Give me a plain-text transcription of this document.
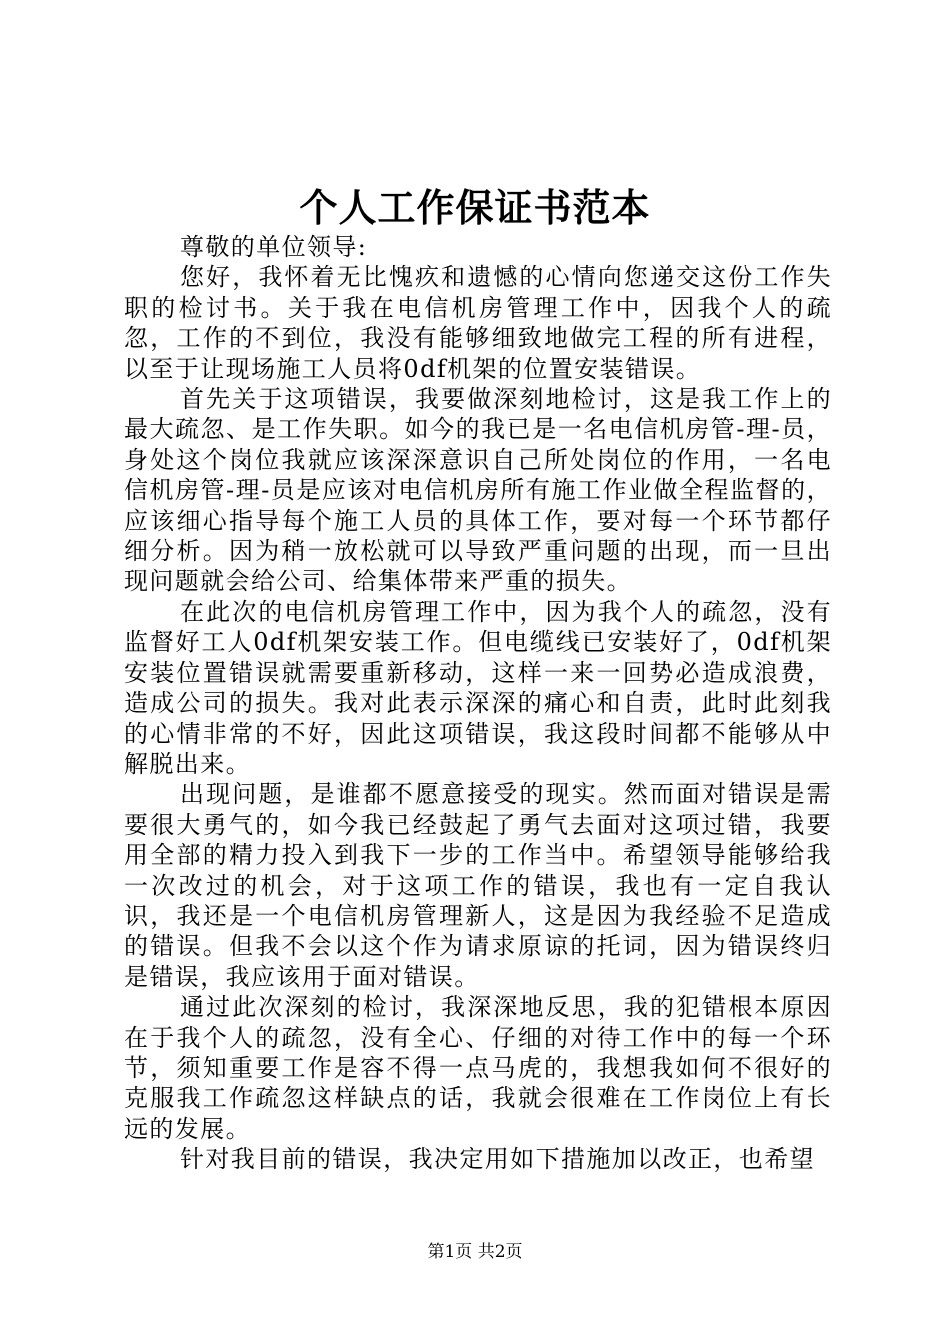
个人工作保证书范本

尊敬的单位领导:

您好，我怀着无比愧疚和遗憾的心情向您递交这份工作失职的检讨书。关于我在电信机房管理工作中，因我个人的疏忽，工作的不到位，我没有能够细致地做完工程的所有进程，以至于让现场施工人员将0df机架的位置安装错误。

首先关于这项错误，我要做深刻地检讨，这是我工作上的最大疏忽、是工作失职。如今的我已是一名电信机房管-理-员，身处这个岗位我就应该深深意识自己所处岗位的作用，一名电信机房管-理-员是应该对电信机房所有施工作业做全程监督的，应该细心指导每个施工人员的具体工作，要对每一个环节都仔细分析。因为稍一放松就可以导致严重问题的出现，而一旦出现问题就会给公司、给集体带来严重的损失。

在此次的电信机房管理工作中，因为我个人的疏忽，没有监督好工人0df机架安装工作。但电缆线已安装好了，0df机架安装位置错误就需要重新移动，这样一来一回势必造成浪费，造成公司的损失。我对此表示深深的痛心和自责，此时此刻我的心情非常的不好，因此这项错误，我这段时间都不能够从中解脱出来。

出现问题，是谁都不愿意接受的现实。然而面对错误是需要很大勇气的，如今我已经鼓起了勇气去面对这项过错，我要用全部的精力投入到我下一步的工作当中。希望领导能够给我一次改过的机会，对于这项工作的错误，我也有一定自我认识，我还是一个电信机房管理新人，这是因为我经验不足造成的错误。但我不会以这个作为请求原谅的托词，因为错误终归是错误，我应该用于面对错误。

通过此次深刻的检讨，我深深地反思，我的犯错根本原因在于我个人的疏忽，没有全心、仔细的对待工作中的每一个环节，须知重要工作是容不得一点马虎的，我想我如何不很好的克服我工作疏忽这样缺点的话，我就会很难在工作岗位上有长远的发展。

针对我目前的错误，我决定用如下措施加以改正，也希望

第1页 共2页
